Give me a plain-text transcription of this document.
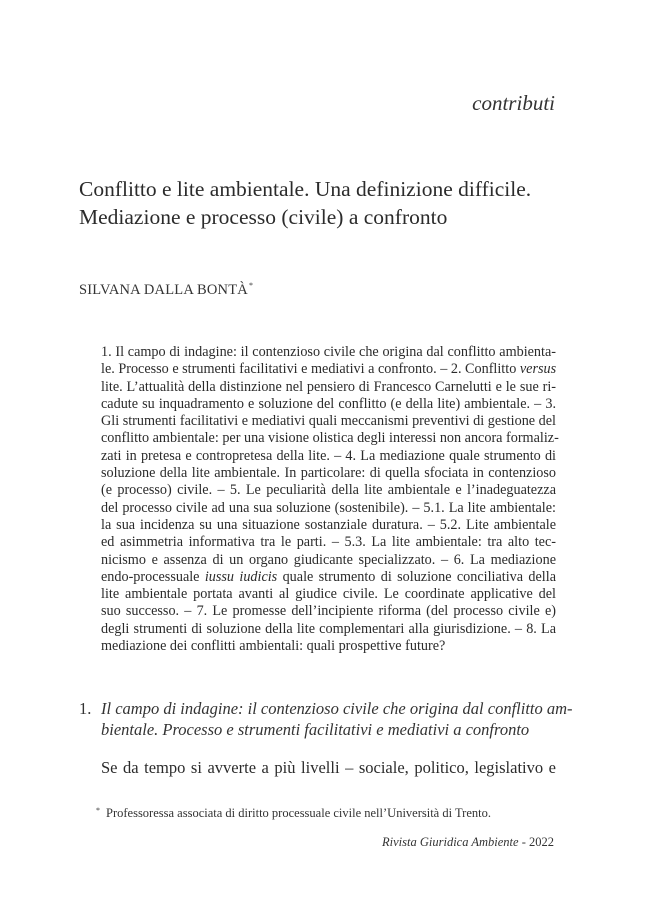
contributi
Conflitto e lite ambientale. Una definizione difficile.
Mediazione e processo (civile) a confronto
SILVANA DALLA BONTÀ*
1. Il campo di indagine: il contenzioso civile che origina dal conflitto ambienta-
le. Processo e strumenti facilitativi e mediativi a confronto. – 2. Conflitto versus
lite. L’attualità della distinzione nel pensiero di Francesco Carnelutti e le sue ri-
cadute su inquadramento e soluzione del conflitto (e della lite) ambientale. – 3.
Gli strumenti facilitativi e mediativi quali meccanismi preventivi di gestione del
conflitto ambientale: per una visione olistica degli interessi non ancora formaliz-
zati in pretesa e contropretesa della lite. – 4. La mediazione quale strumento di
soluzione della lite ambientale. In particolare: di quella sfociata in contenzioso
(e processo) civile. – 5. Le peculiarità della lite ambientale e l’inadeguatezza
del processo civile ad una sua soluzione (sostenibile). – 5.1. La lite ambientale:
la sua incidenza su una situazione sostanziale duratura. – 5.2. Lite ambientale
ed asimmetria informativa tra le parti. – 5.3. La lite ambientale: tra alto tec-
nicismo e assenza di un organo giudicante specializzato. – 6. La mediazione
endo-processuale iussu iudicis quale strumento di soluzione conciliativa della
lite ambientale portata avanti al giudice civile. Le coordinate applicative del
suo successo. – 7. Le promesse dell’incipiente riforma (del processo civile e)
degli strumenti di soluzione della lite complementari alla giurisdizione. – 8. La
mediazione dei conflitti ambientali: quali prospettive future?
1. Il campo di indagine: il contenzioso civile che origina dal conflitto am-
bientale. Processo e strumenti facilitativi e mediativi a confronto
Se da tempo si avverte a più livelli – sociale, politico, legislativo e
* Professoressa associata di diritto processuale civile nell’Università di Trento.
Rivista Giuridica Ambiente - 2022
